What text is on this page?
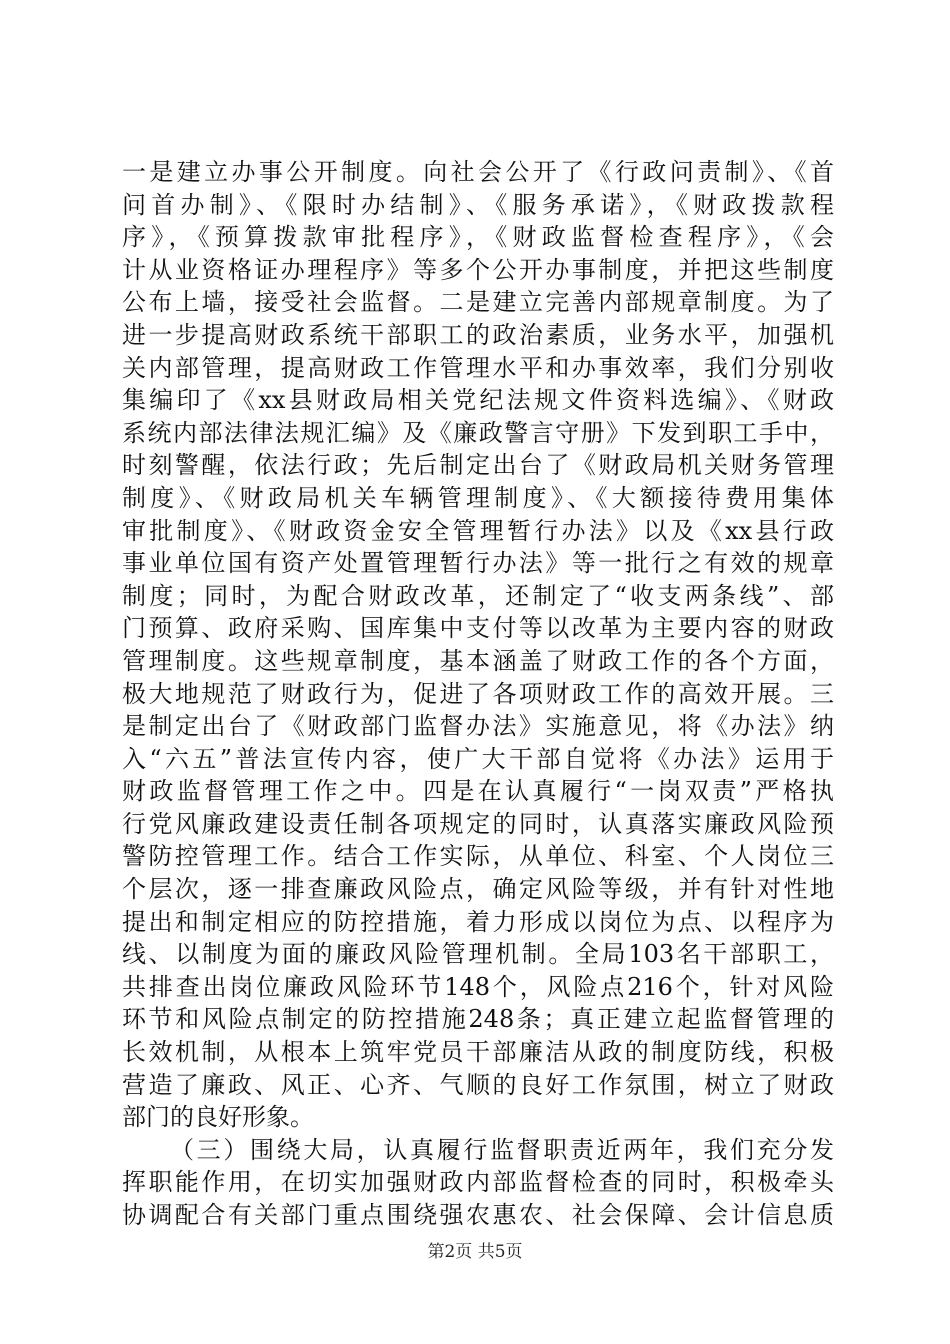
一是建立办事公开制度。向社会公开了《行政问责制》、《首
问首办制》、《限时办结制》、《服务承诺》，《财政拨款程
序》，《预算拨款审批程序》，《财政监督检查程序》，《会
计从业资格证办理程序》等多个公开办事制度，并把这些制度
公布上墙，接受社会监督。二是建立完善内部规章制度。为了
进一步提高财政系统干部职工的政治素质，业务水平，加强机
关内部管理，提高财政工作管理水平和办事效率，我们分别收
集编印了《xx县财政局相关党纪法规文件资料选编》、《财政
系统内部法律法规汇编》及《廉政警言守册》下发到职工手中，
时刻警醒，依法行政；先后制定出台了《财政局机关财务管理
制度》、《财政局机关车辆管理制度》、《大额接待费用集体
审批制度》、《财政资金安全管理暂行办法》以及《xx县行政
事业单位国有资产处置管理暂行办法》等一批行之有效的规章
制度；同时，为配合财政改革，还制定了“收支两条线”、部
门预算、政府采购、国库集中支付等以改革为主要内容的财政
管理制度。这些规章制度，基本涵盖了财政工作的各个方面，
极大地规范了财政行为，促进了各项财政工作的高效开展。三
是制定出台了《财政部门监督办法》实施意见，将《办法》纳
入“六五”普法宣传内容，使广大干部自觉将《办法》运用于
财政监督管理工作之中。四是在认真履行“一岗双责”严格执
行党风廉政建设责任制各项规定的同时，认真落实廉政风险预
警防控管理工作。结合工作实际，从单位、科室、个人岗位三
个层次，逐一排查廉政风险点，确定风险等级，并有针对性地
提出和制定相应的防控措施，着力形成以岗位为点、以程序为
线、以制度为面的廉政风险管理机制。全局103名干部职工，
共排查出岗位廉政风险环节148个，风险点216个，针对风险
环节和风险点制定的防控措施248条；真正建立起监督管理的
长效机制，从根本上筑牢党员干部廉洁从政的制度防线，积极
营造了廉政、风正、心齐、气顺的良好工作氛围，树立了财政
部门的良好形象。
（三）围绕大局，认真履行监督职责近两年，我们充分发
挥职能作用，在切实加强财政内部监督检查的同时，积极牵头
协调配合有关部门重点围绕强农惠农、社会保障、会计信息质
第2页 共5页
